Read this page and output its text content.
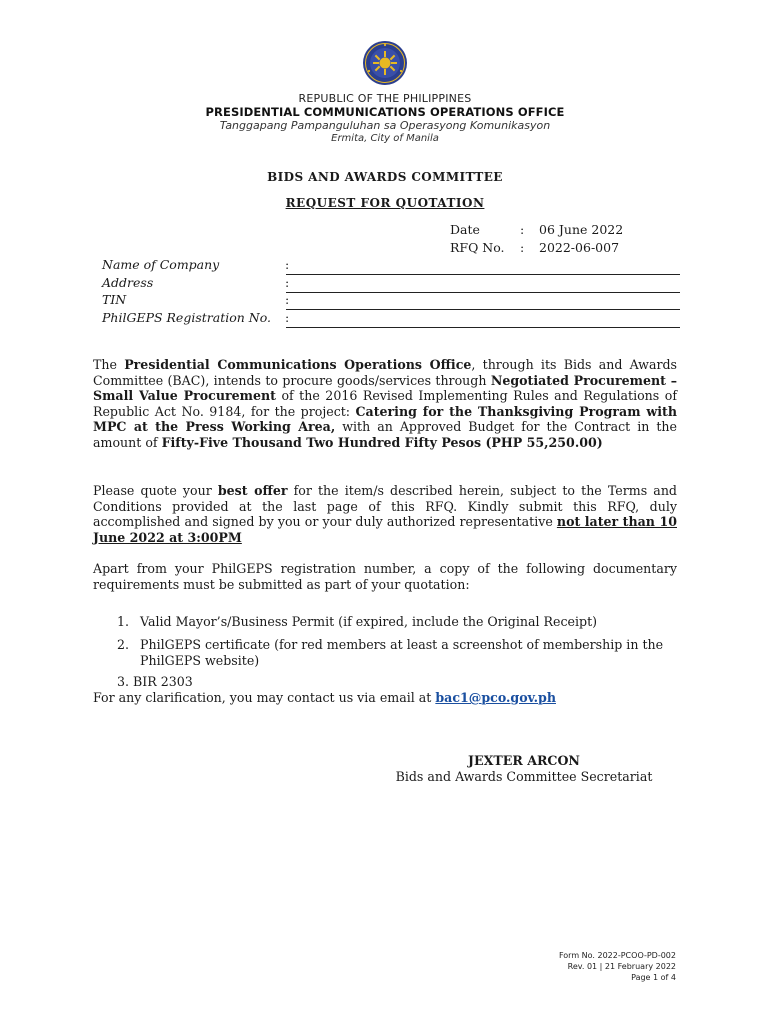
REPUBLIC OF THE PHILIPPINES
PRESIDENTIAL COMMUNICATIONS OPERATIONS OFFICE
Tanggapang Pampanguluhan sa Operasyong Komunikasyon
Ermita, City of Manila
BIDS AND AWARDS COMMITTEE
REQUEST FOR QUOTATION
Date	: 06 June 2022
RFQ No. : 2022-06-007
Name of Company	:
Address	:
TIN	:
PhilGEPS Registration No. :
The Presidential Communications Operations Office, through its Bids and Awards Committee (BAC), intends to procure goods/services through Negotiated Procurement – Small Value Procurement of the 2016 Revised Implementing Rules and Regulations of Republic Act No. 9184, for the project: Catering for the Thanksgiving Program with MPC at the Press Working Area, with an Approved Budget for the Contract in the amount of Fifty-Five Thousand Two Hundred Fifty Pesos (PHP 55,250.00)
Please quote your best offer for the item/s described herein, subject to the Terms and Conditions provided at the last page of this RFQ. Kindly submit this RFQ, duly accomplished and signed by you or your duly authorized representative not later than 10 June 2022 at 3:00PM
Apart from your PhilGEPS registration number, a copy of the following documentary requirements must be submitted as part of your quotation:
1. Valid Mayor’s/Business Permit (if expired, include the Original Receipt)
2. PhilGEPS certificate (for red members at least a screenshot of membership in the PhilGEPS website)
3. BIR 2303
For any clarification, you may contact us via email at bac1@pco.gov.ph
JEXTER ARCON
Bids and Awards Committee Secretariat
Form No. 2022-PCOO-PD-002
Rev. 01 | 21 February 2022
Page 1 of 4
